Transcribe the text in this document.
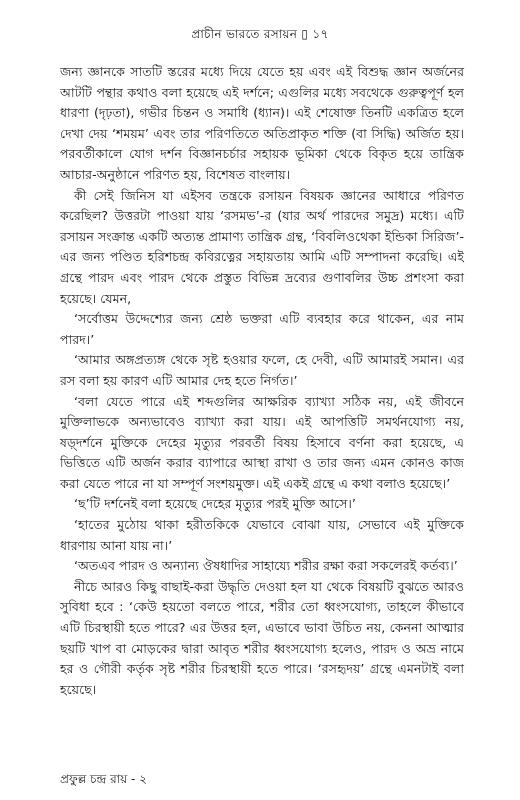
প্রাচীন ভারতে রসায়ন ▯ ১৭

জন্য জ্ঞানকে সাতটি স্তরের মধ্যে দিয়ে যেতে হয় এবং এই বিশুদ্ধ জ্ঞান অর্জনের আটটি পন্থার কথাও বলা হয়েছে এই দর্শনে; এগুলির মধ্যে সবথেকে গুরুত্বপূর্ণ হল ধারণা (দৃঢ়তা), গভীর চিন্তন ও সমাধি (ধ্যান)। এই শেষোক্ত তিনটি একত্রিত হলে দেখা দেয় ‘শময়ম’ এবং তার পরিণতিতে অতিপ্রাকৃত শক্তি (বা সিদ্ধি) অর্জিত হয়। পরবর্তীকালে যোগ দর্শন বিজ্ঞানচর্চার সহায়ক ভূমিকা থেকে বিকৃত হয়ে তান্ত্রিক আচার-অনুষ্ঠানে পরিণত হয়, বিশেষত বাংলায়।

কী সেই জিনিস যা এইসব তন্ত্রকে রসায়ন বিষয়ক জ্ঞানের আধারে পরিণত করেছিল? উত্তরটা পাওয়া যায় ‘রসমভ’-র (যার অর্থ পারদের সমুদ্র) মধ্যে। এটি রসায়ন সংক্রান্ত একটি অত্যন্ত প্রামাণ্য তান্ত্রিক গ্রন্থ, ‘বিবলিওথেকা ইন্ডিকা সিরিজ’-এর জন্য পণ্ডিত হরিশচন্দ্র কবিরত্নের সহায়তায় আমি এটি সম্পাদনা করেছি। এই গ্রন্থে পারদ এবং পারদ থেকে প্রস্তুত বিভিন্ন দ্রব্যের গুণাবলির উচ্চ প্রশংসা করা হয়েছে। যেমন,

‘সর্বোত্তম উদ্দেশ্যের জন্য শ্রেষ্ঠ ভক্তরা এটি ব্যবহার করে থাকেন, এর নাম পারদ।’

‘আমার অঙ্গপ্রত্যঙ্গ থেকে সৃষ্ট হওয়ার ফলে, হে দেবী, এটি আমারই সমান। এর রস বলা হয় কারণ এটি আমার দেহ হতে নির্গত।’

‘বলা যেতে পারে এই শব্দগুলির আক্ষরিক ব্যাখ্যা সঠিক নয়, এই জীবনে মুক্তিলাভকে অন্যভাবেও ব্যাখ্যা করা যায়। এই আপত্তিটি সমর্থনযোগ্য নয়, ষড়্দর্শনে মুক্তিকে দেহের মৃত্যুর পরবর্তী বিষয় হিসাবে বর্ণনা করা হয়েছে, এ ভিত্তিতে এটি অর্জন করার ব্যাপারে আস্থা রাখা ও তার জন্য এমন কোনও কাজ করা যেতে পারে না যা সম্পূর্ণ সংশয়মুক্ত। এই একই গ্রন্থে এ কথা বলাও হয়েছে।’

‘ছ’টি দর্শনেই বলা হয়েছে দেহের মৃত্যুর পরই মুক্তি আসে।’

‘হাতের মুঠোয় থাকা হরীতকিকে যেভাবে বোঝা যায়, সেভাবে এই মুক্তিকে ধারণায় আনা যায় না।’

‘অতএব পারদ ও অন্যান্য ঔষধাদির সাহায্যে শরীর রক্ষা করা সকলেরই কর্তব্য।’

নীচে আরও কিছু বাছাই-করা উদ্ধৃতি দেওয়া হল যা থেকে বিষয়টি বুঝতে আরও সুবিধা হবে : ‘কেউ হয়তো বলতে পারে, শরীর তো ধ্বংসযোগ্য, তাহলে কীভাবে এটি চিরস্থায়ী হতে পারে? এর উত্তর হল, এভাবে ভাবা উচিত নয়, কেননা আত্মার ছয়টি খাপ বা মোড়কের দ্বারা আবৃত শরীর ধ্বংসযোগ্য হলেও, পারদ ও অভ্র নামে হর ও গৌরী কর্তৃক সৃষ্ট শরীর চিরস্থায়ী হতে পারে। ‘রসহৃদয়’ গ্রন্থে এমনটাই বলা হয়েছে।

প্রফুল্ল চন্দ্র রায় - ২
